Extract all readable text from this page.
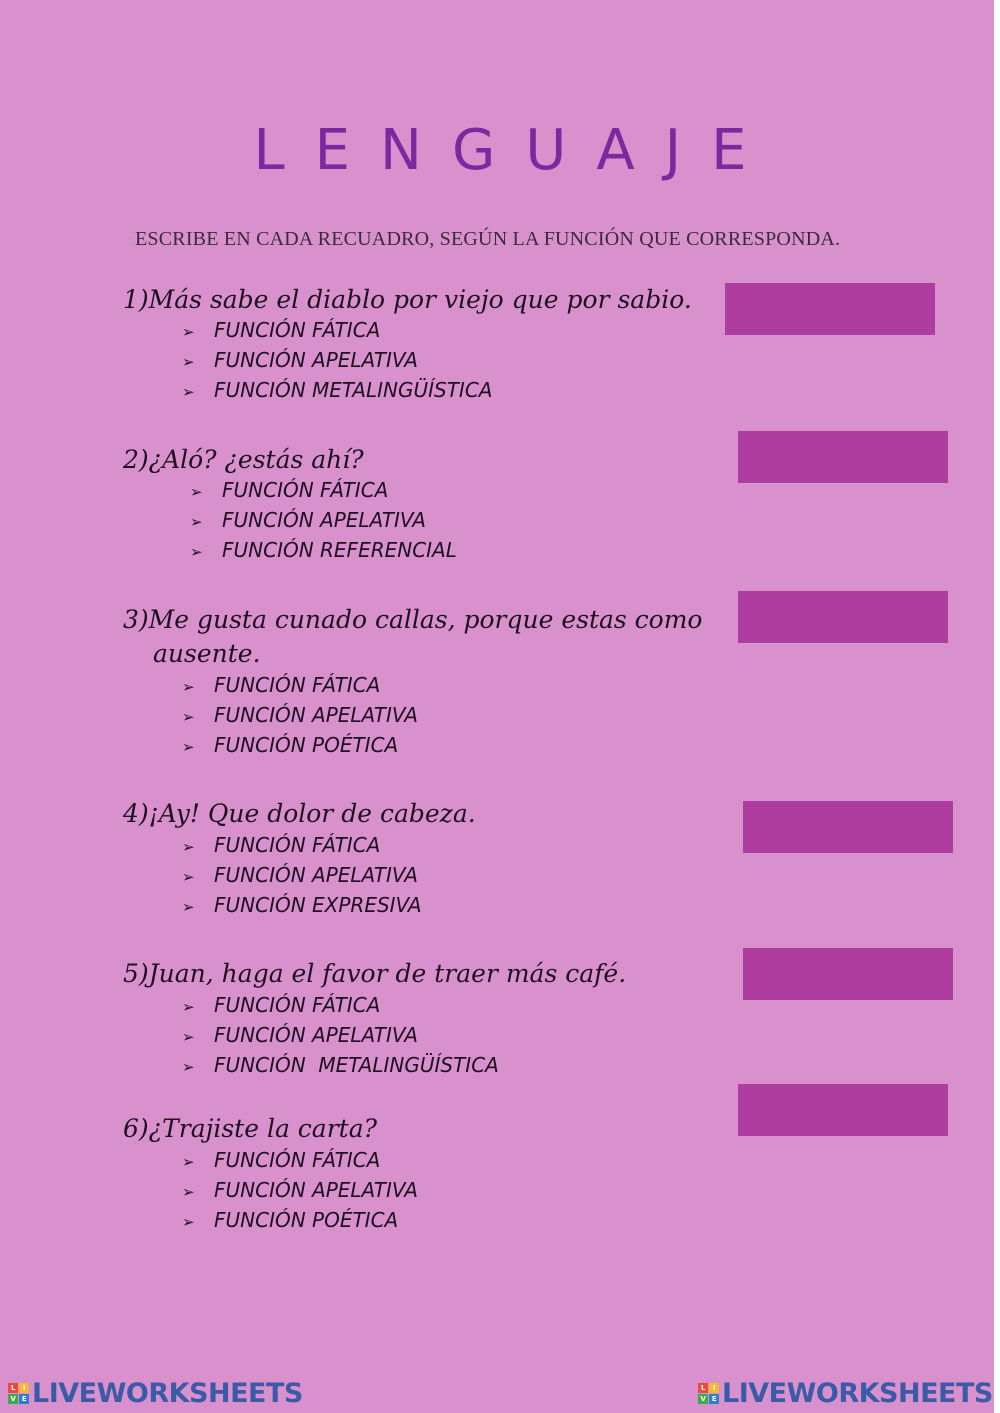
LENGUAJE
ESCRIBE EN CADA RECUADRO, SEGÚN LA FUNCIÓN QUE CORRESPONDA.
1)Más sabe el diablo por viejo que por sabio.
➢ FUNCIÓN FÁTICA
➢ FUNCIÓN APELATIVA
➢ FUNCIÓN METALINGÜÍSTICA
2)¿Aló? ¿estás ahí?
➢ FUNCIÓN FÁTICA
➢ FUNCIÓN APELATIVA
➢ FUNCIÓN REFERENCIAL
3)Me gusta cunado callas, porque estas como
ausente.
➢ FUNCIÓN FÁTICA
➢ FUNCIÓN APELATIVA
➢ FUNCIÓN POÉTICA
4)¡Ay! Que dolor de cabeza.
➢ FUNCIÓN FÁTICA
➢ FUNCIÓN APELATIVA
➢ FUNCIÓN EXPRESIVA
5)Juan, haga el favor de traer más café.
➢ FUNCIÓN FÁTICA
➢ FUNCIÓN APELATIVA
➢ FUNCIÓN  METALINGÜÍSTICA
6)¿Trajiste la carta?
➢ FUNCIÓN FÁTICA
➢ FUNCIÓN APELATIVA
➢ FUNCIÓN POÉTICA
L	I
V E LIVEWORKSHEETS	L	I
V E LIVEWORKSHEETS
